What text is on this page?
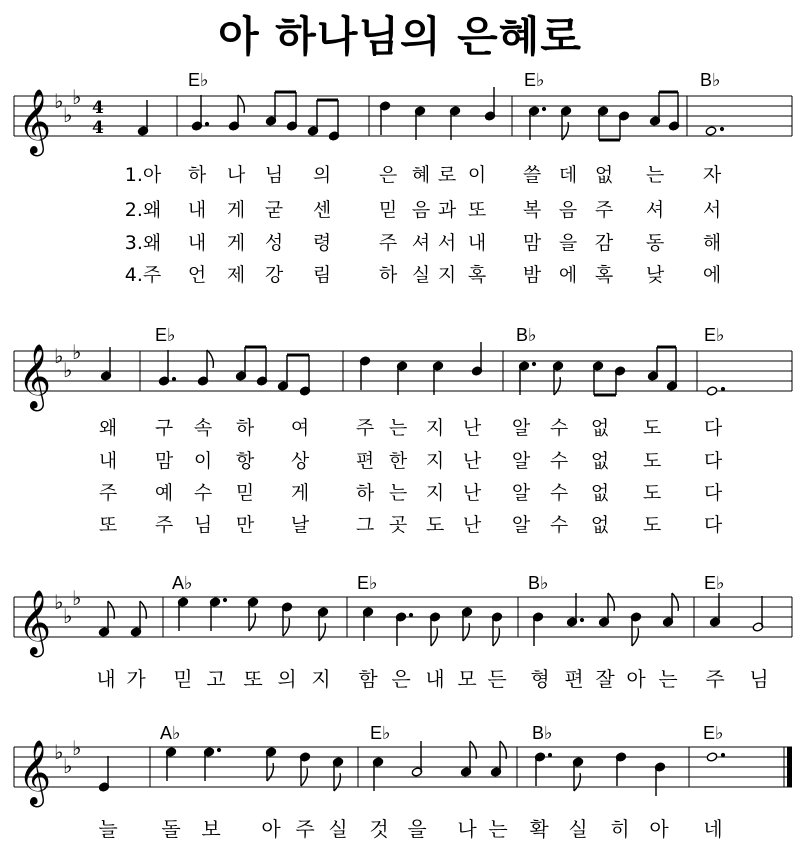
아 하나님의 은혜로
E♭	E♭	B♭
𝄞 ♭
♭
♭ 4
4
1.아 하 나 님 의	은 혜 로 이 쓸 데 없 는 자
2.왜 내 게 굳 센	믿 음 과 또 복 음 주 셔 서
3.왜 내 게 성 령	주 셔 서 내 맘 을 감 동 해
4.주 언 제 강 림	하 실 지 혹 밤 에 혹 낮 에
E♭	B♭	E♭
𝄞 ♭
♭
♭
왜 구 속 하 여 주 는 지 난 알 수 없 도 다
내 맘 이 항 상 편 한 지 난 알 수 없 도 다
주 예 수 믿 게 하 는 지 난 알 수 없 도 다
또 주 님 만 날 그 곳 도 난 알 수 없 도 다
A♭	E♭	B♭	E♭
𝄞 ♭
♭
♭
내 가 믿 고 또 의 지 함 은 내 모 든 형 편 잘 아 는 주 님
A♭	E♭	B♭	E♭
𝄞 ♭
♭
♭
늘 돌 보 아 주 실 것 을 나 는 확 실 히 아 네
